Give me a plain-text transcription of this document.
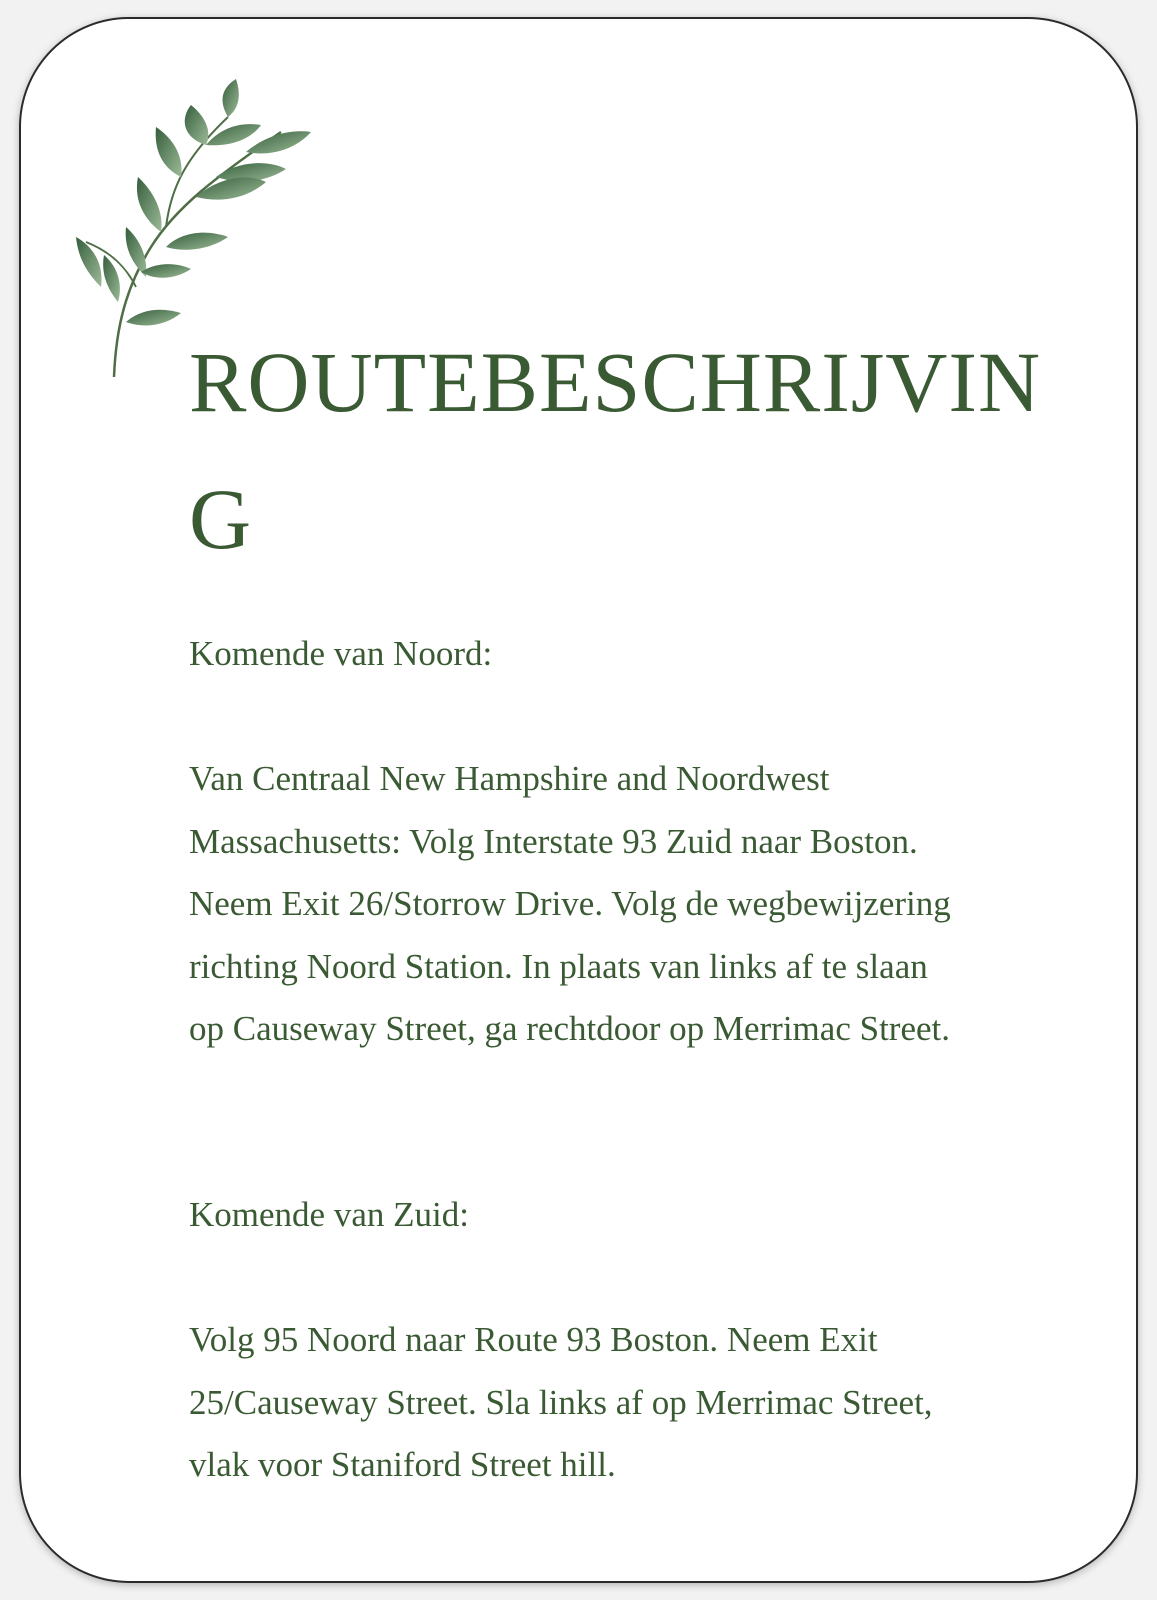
ROUTEBESCHRIJVING

Komende van Noord:

Van Centraal New Hampshire and Noordwest Massachusetts: Volg Interstate 93 Zuid naar Boston. Neem Exit 26/Storrow Drive. Volg de wegbewijzering richting Noord Station. In plaats van links af te slaan op Causeway Street, ga rechtdoor op Merrimac Street.

Komende van Zuid:

Volg 95 Noord naar Route 93 Boston. Neem Exit 25/Causeway Street. Sla links af op Merrimac Street, vlak voor Staniford Street hill.
